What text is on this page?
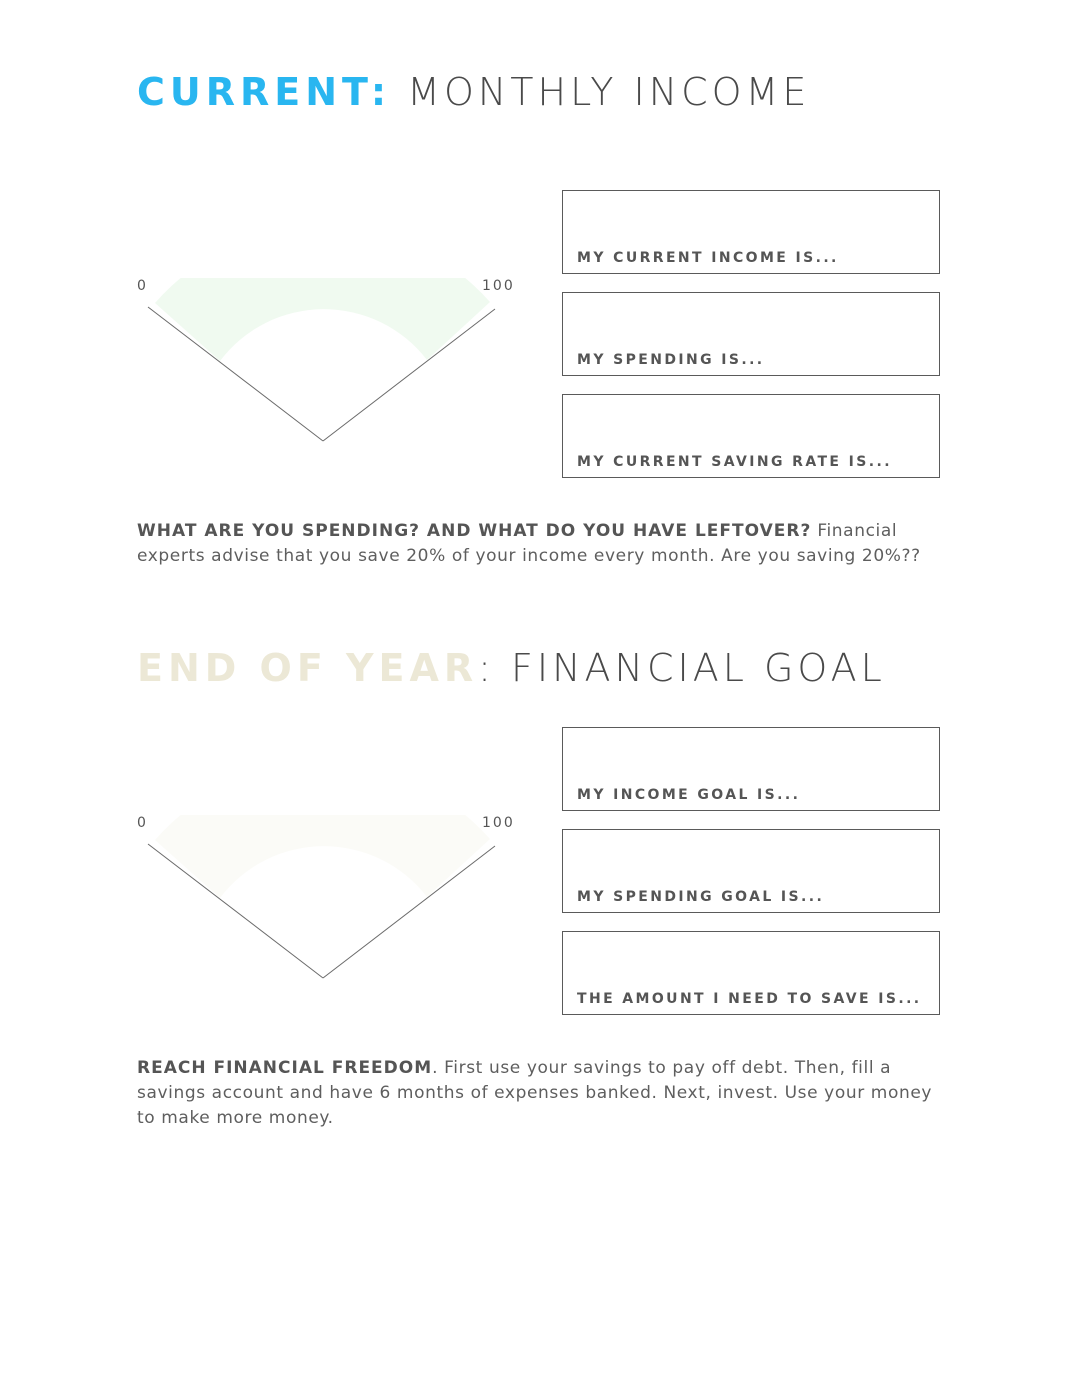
CURRENT: MONTHLY INCOME
0	100
MY CURRENT INCOME IS...
MY SPENDING IS...
MY CURRENT SAVING RATE IS...

WHAT ARE YOU SPENDING? AND WHAT DO YOU HAVE LEFTOVER? Financial experts advise that you save 20% of your income every month. Are you saving 20%??

END OF YEAR: FINANCIAL GOAL
0	100
MY INCOME GOAL IS...
MY SPENDING GOAL IS...
THE AMOUNT I NEED TO SAVE IS...

REACH FINANCIAL FREEDOM. First use your savings to pay off debt. Then, fill a savings account and have 6 months of expenses banked. Next, invest. Use your money to make more money.
